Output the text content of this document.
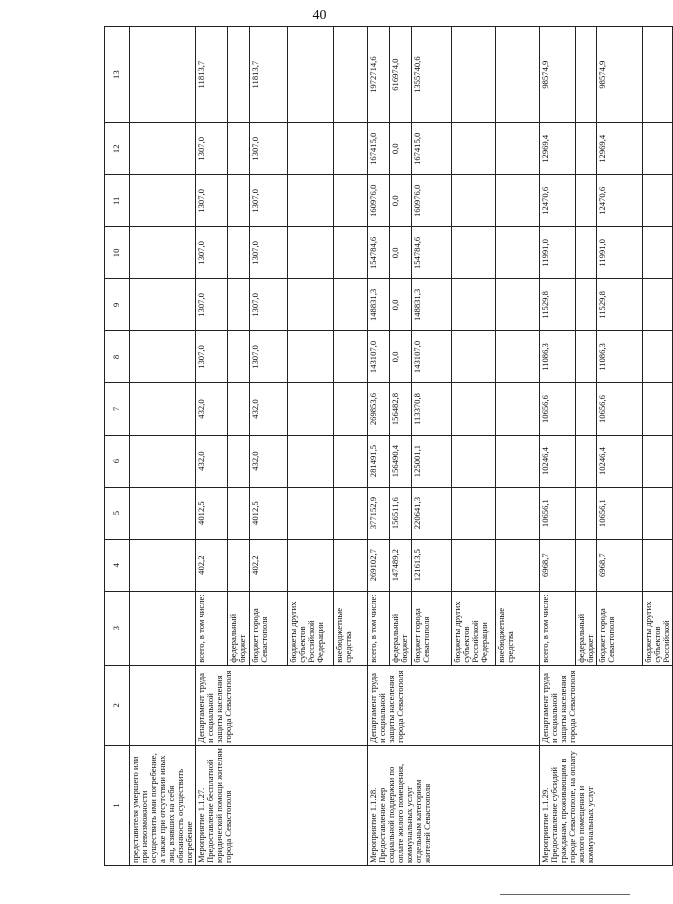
40
1	2	3	4	5	6	7	8	9	10	11	12	13
представителя умершего или при невозможности осуществить ими погребение, а также при отсутствии иных лиц, взявших на себя обязанность осуществить погребение												
Мероприятие 1.1.27. Предоставление бесплатной юридической помощи жителям города Севастополя	Департамент труда и социальной защиты населения города Севастополя	всего, в том числе:	402,2	4012,5	432,0	432,0	1307,0	1307,0	1307,0	1307,0	1307,0	11813,7
		федеральный бюджет										
		бюджет города Севастополя	402,2	4012,5	432,0	432,0	1307,0	1307,0	1307,0	1307,0	1307,0	11813,7
		бюджеты других субъектов Российской Федерации										
		внебюджетные средства										
Мероприятие 1.1.28. Предоставление мер социальной поддержки по оплате жилого помещения, коммунальных услуг отдельным категориям жителей Севастополя	Департамент труда и социальной защиты населения города Севастополя	всего, в том числе:	269102,7	377152,9	281491,5	269853,6	143107,0	148831,3	154784,6	160976,0	167415,0	1972714,6
		федеральный бюджет	147489,2	156511,6	156490,4	156482,8	0,0	0,0	0,0	0,0	0,0	616974,0
		бюджет города Севастополя	121613,5	220641,3	125001,1	113370,8	143107,0	148831,3	154784,6	160976,0	167415,0	1355740,6
		бюджеты других субъектов Российской Федерации										
		внебюджетные средства										
Мероприятие 1.1.29. Предоставление субсидий гражданам, проживающим в городе Севастополе, на оплату жилого помещения и коммунальных услуг	Департамент труда и социальной защиты населения города Севастополя	всего, в том числе:	6968,7	10656,1	10246,4	10656,6	11086,3	11529,8	11991,0	12470,6	12969,4	98574,9
		федеральный бюджет										
		бюджет города Севастополя	6968,7	10656,1	10246,4	10656,6	11086,3	11529,8	11991,0	12470,6	12969,4	98574,9
		бюджеты других субъектов Российской										
